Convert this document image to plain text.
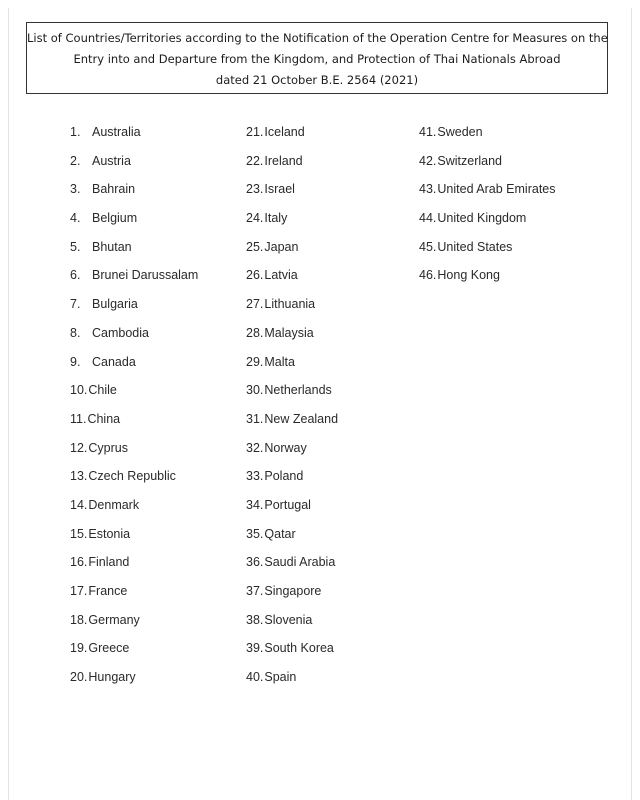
List of Countries/Territories according to the Notification of the Operation Centre for Measures on the
Entry into and Departure from the Kingdom, and Protection of Thai Nationals Abroad
dated 21 October B.E. 2564 (2021)
1. Australia
2. Austria
3. Bahrain
4. Belgium
5. Bhutan
6. Brunei Darussalam
7. Bulgaria
8. Cambodia
9. Canada
10.Chile
11.China
12.Cyprus
13.Czech Republic
14.Denmark
15.Estonia
16.Finland
17.France
18.Germany
19.Greece
20.Hungary
21.Iceland
22.Ireland
23.Israel
24.Italy
25.Japan
26.Latvia
27.Lithuania
28.Malaysia
29.Malta
30.Netherlands
31.New Zealand
32.Norway
33.Poland
34.Portugal
35.Qatar
36.Saudi Arabia
37.Singapore
38.Slovenia
39.South Korea
40.Spain
41.Sweden
42.Switzerland
43.United Arab Emirates
44.United Kingdom
45.United States
46.Hong Kong
